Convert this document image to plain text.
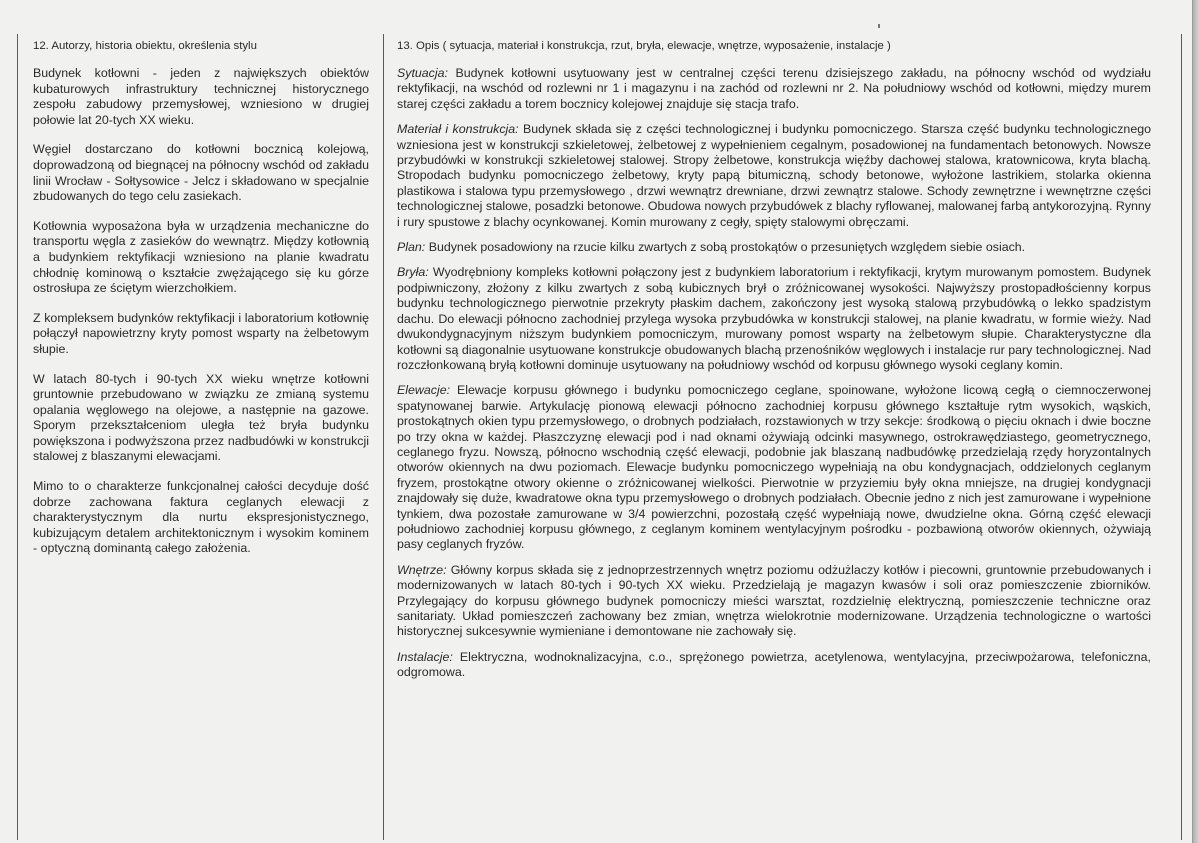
12. Autorzy, historia obiektu, określenia stylu

Budynek kotłowni - jeden z największych obiektów kubaturowych infrastruktury technicznej historycznego zespołu zabudowy przemysłowej, wzniesiono w drugiej połowie lat 20-tych XX wieku.

Węgiel dostarczano do kotłowni bocznicą kolejową, doprowadzoną od biegnącej na północny wschód od zakładu linii Wrocław - Sołtysowice - Jelcz i składowano w specjalnie zbudowanych do tego celu zasiekach.

Kotłownia wyposażona była w urządzenia mechaniczne do transportu węgla z zasieków do wewnątrz. Między kotłownią a budynkiem rektyfikacji wzniesiono na planie kwadratu chłodnię kominową o kształcie zwężającego się ku górze ostrosłupa ze ściętym wierzchołkiem.

Z kompleksem budynków rektyfikacji i laboratorium kotłownię połączył napowietrzny kryty pomost wsparty na żelbetowym słupie.

W latach 80-tych i 90-tych XX wieku wnętrze kotłowni gruntownie przebudowano w związku ze zmianą systemu opalania węglowego na olejowe, a następnie na gazowe. Sporym przekształceniom uległa też bryła budynku powiększona i podwyższona przez nadbudówki w konstrukcji stalowej z blaszanymi elewacjami.

Mimo to o charakterze funkcjonalnej całości decyduje dość dobrze zachowana faktura ceglanych elewacji z charakterystycznym dla nurtu ekspresjonistycznego, kubizującym detalem architektonicznym i wysokim kominem - optyczną dominantą całego założenia.

13. Opis ( sytuacja, materiał i konstrukcja, rzut, bryła, elewacje, wnętrze, wyposażenie, instalacje )

Sytuacja: Budynek kotłowni usytuowany jest w centralnej części terenu dzisiejszego zakładu, na północny wschód od wydziału rektyfikacji, na wschód od rozlewni nr 1 i magazynu i na zachód od rozlewni nr 2. Na południowy wschód od kotłowni, między murem starej części zakładu a torem bocznicy kolejowej znajduje się stacja trafo.

Materiał i konstrukcja: Budynek składa się z części technologicznej i budynku pomocniczego. Starsza część budynku technologicznego wzniesiona jest w konstrukcji szkieletowej, żelbetowej z wypełnieniem cegalnym, posadowionej na fundamentach betonowych. Nowsze przybudówki w konstrukcji szkieletowej stalowej. Stropy żelbetowe, konstrukcja więźby dachowej stalowa, kratownicowa, kryta blachą. Stropodach budynku pomocniczego żelbetowy, kryty papą bitumiczną, schody betonowe, wyłożone lastrikiem, stolarka okienna plastikowa i stalowa typu przemysłowego , drzwi wewnątrz drewniane, drzwi zewnątrz stalowe. Schody zewnętrzne i wewnętrzne części technologicznej stalowe, posadzki betonowe. Obudowa nowych przybudówek z blachy ryflowanej, malowanej farbą antykorozyjną. Rynny i rury spustowe z blachy ocynkowanej. Komin murowany z cegły, spięty stalowymi obręczami.

Plan: Budynek posadowiony na rzucie kilku zwartych z sobą prostokątów o przesuniętych względem siebie osiach.

Bryła: Wyodrębniony kompleks kotłowni połączony jest z budynkiem laboratorium i rektyfikacji, krytym murowanym pomostem. Budynek podpiwniczony, złożony z kilku zwartych z sobą kubicznych brył o zróżnicowanej wysokości. Najwyższy prostopadłościenny korpus budynku technologicznego pierwotnie przekryty płaskim dachem, zakończony jest wysoką stalową przybudówką o lekko spadzistym dachu. Do elewacji północno zachodniej przylega wysoka przybudówka w konstrukcji stalowej, na planie kwadratu, w formie wieży. Nad dwukondygnacyjnym niższym budynkiem pomocniczym, murowany pomost wsparty na żelbetowym słupie. Charakterystyczne dla kotłowni są diagonalnie usytuowane konstrukcje obudowanych blachą przenośników węglowych i instalacje rur pary technologicznej. Nad rozczłonkowaną bryłą kotłowni dominuje usytuowany na południowy wschód od korpusu głównego wysoki ceglany komin.

Elewacje: Elewacje korpusu głównego i budynku pomocniczego ceglane, spoinowane, wyłożone licową cegłą o ciemnoczerwonej spatynowanej barwie. Artykulację pionową elewacji północno zachodniej korpusu głównego kształtuje rytm wysokich, wąskich, prostokątnych okien typu przemysłowego, o drobnych podziałach, rozstawionych w trzy sekcje: środkową o pięciu oknach i dwie boczne po trzy okna w każdej. Płaszczyznę elewacji pod i nad oknami ożywiają odcinki masywnego, ostrokrawędziastego, geometrycznego, ceglanego fryzu. Nowszą, północno wschodnią część elewacji, podobnie jak blaszaną nadbudówkę przedzielają rzędy horyzontalnych otworów okiennych na dwu poziomach. Elewacje budynku pomocniczego wypełniają na obu kondygnacjach, oddzielonych ceglanym fryzem, prostokątne otwory okienne o zróżnicowanej wielkości. Pierwotnie w przyziemiu były okna mniejsze, na drugiej kondygnacji znajdowały się duże, kwadratowe okna typu przemysłowego o drobnych podziałach. Obecnie jedno z nich jest zamurowane i wypełnione tynkiem, dwa pozostałe zamurowane w 3/4 powierzchni, pozostałą część wypełniają nowe, dwudzielne okna. Górną część elewacji południowo zachodniej korpusu głównego, z ceglanym kominem wentylacyjnym pośrodku - pozbawioną otworów okiennych, ożywiają pasy ceglanych fryzów.

Wnętrze: Główny korpus składa się z jednoprzestrzennych wnętrz poziomu odżużlaczy kotłów i piecowni, gruntownie przebudowanych i modernizowanych w latach 80-tych i 90-tych XX wieku. Przedzielają je magazyn kwasów i soli oraz pomieszczenie zbiorników. Przylegający do korpusu głównego budynek pomocniczy mieści warsztat, rozdzielnię elektryczną, pomieszczenie techniczne oraz sanitariaty. Układ pomieszczeń zachowany bez zmian, wnętrza wielokrotnie modernizowane. Urządzenia technologiczne o wartości historycznej sukcesywnie wymieniane i demontowane nie zachowały się.

Instalacje: Elektryczna, wodnoknalizacyjna, c.o., sprężonego powietrza, acetylenowa, wentylacyjna, przeciwpożarowa, telefoniczna, odgromowa.
